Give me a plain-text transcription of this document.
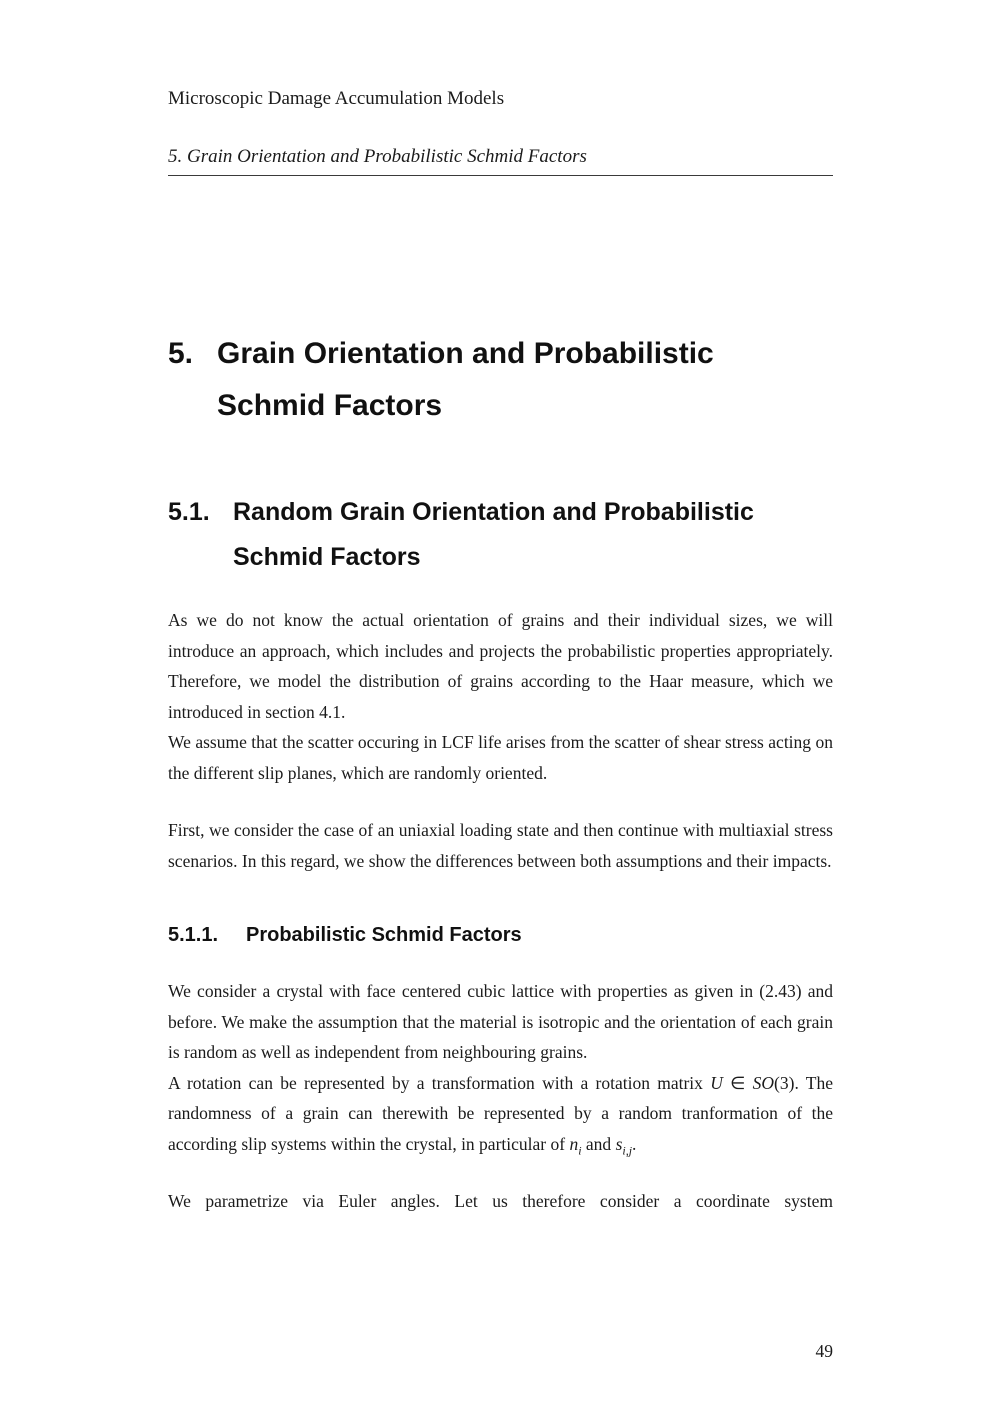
Microscopic Damage Accumulation Models
5. Grain Orientation and Probabilistic Schmid Factors
5. Grain Orientation and Probabilistic
Schmid Factors
5.1. Random Grain Orientation and Probabilistic
Schmid Factors

As we do not know the actual orientation of grains and their individual sizes, we will introduce an approach, which includes and projects the probabilistic properties appropriately. Therefore, we model the distribution of grains according to the Haar measure, which we introduced in section 4.1.

We assume that the scatter occuring in LCF life arises from the scatter of shear stress acting on the different slip planes, which are randomly oriented.

First, we consider the case of an uniaxial loading state and then continue with multiaxial stress scenarios. In this regard, we show the differences between both assumptions and their impacts.

5.1.1.	Probabilistic Schmid Factors

We consider a crystal with face centered cubic lattice with properties as given in (2.43) and before. We make the assumption that the material is isotropic and the orientation of each grain is random as well as independent from neighbouring grains.

A rotation can be represented by a transformation with a rotation matrix U ∈ SO(3). The randomness of a grain can therewith be represented by a random tranformation of the according slip systems within the crystal, in particular of $n_i$ and $s_{i,j}$.

We parametrize via Euler angles. Let us therefore consider a coordinate system

49
